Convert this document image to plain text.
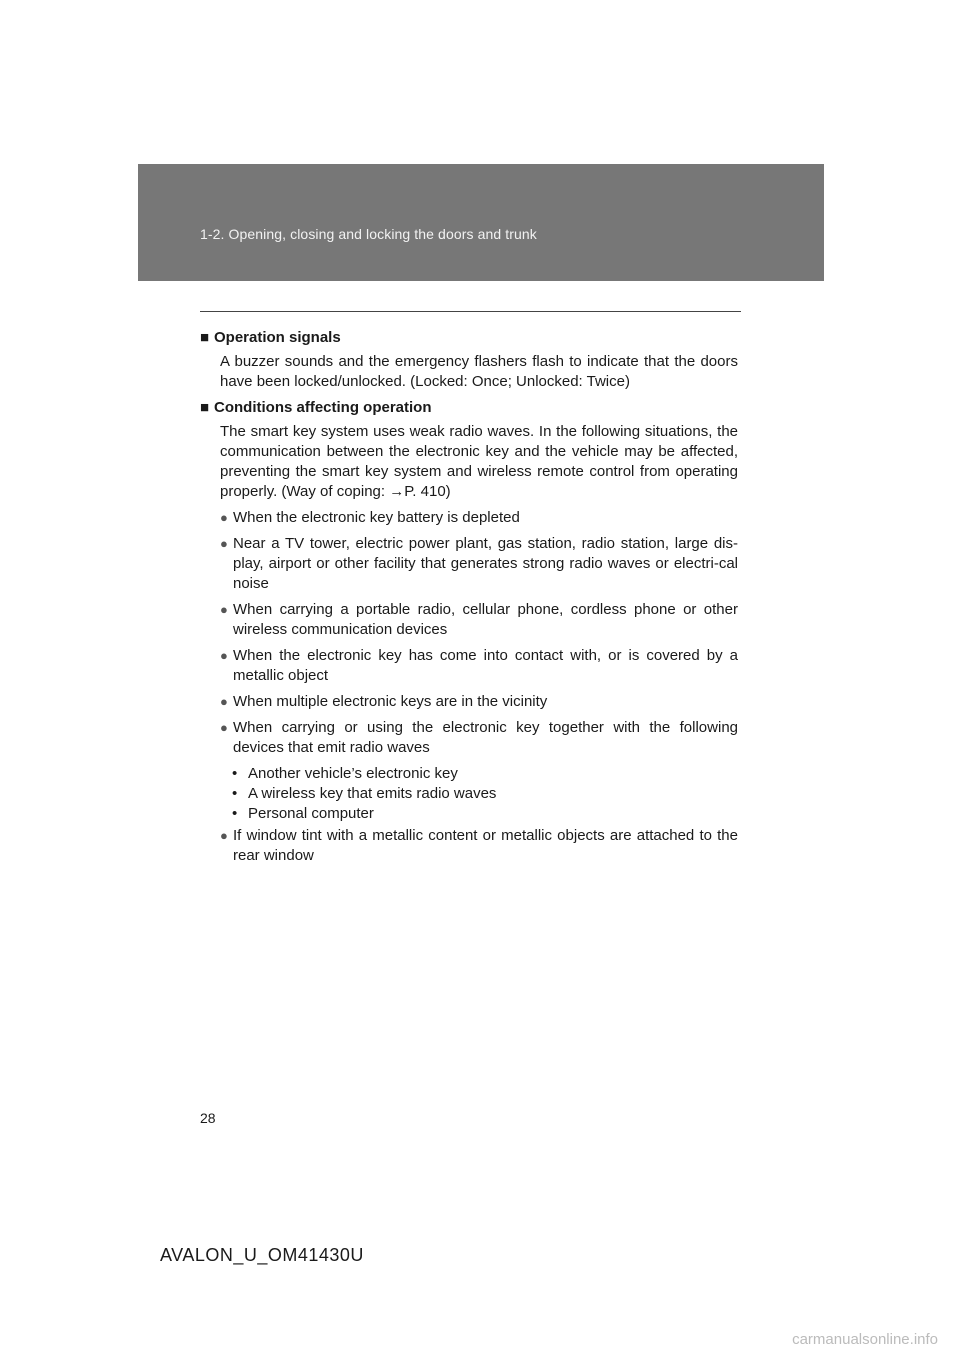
1-2. Opening, closing and locking the doors and trunk
■ Operation signals

A buzzer sounds and the emergency flashers flash to indicate that the doors have been locked/unlocked. (Locked: Once; Unlocked: Twice)

■ Conditions affecting operation

The smart key system uses weak radio waves. In the following situations, the communication between the electronic key and the vehicle may be affected, preventing the smart key system and wireless remote control from operating properly. (Way of coping: →P. 410)

● When the electronic key battery is depleted
● Near a TV tower, electric power plant, gas station, radio station, large dis-play, airport or other facility that generates strong radio waves or electri-cal noise
● When carrying a portable radio, cellular phone, cordless phone or other wireless communication devices
● When the electronic key has come into contact with, or is covered by a metallic object
● When multiple electronic keys are in the vicinity
● When carrying or using the electronic key together with the following devices that emit radio waves
• Another vehicle’s electronic key
• A wireless key that emits radio waves
• Personal computer
● If window tint with a metallic content or metallic objects are attached to the rear window
28
AVALON_U_OM41430U
carmanualsonline.info
